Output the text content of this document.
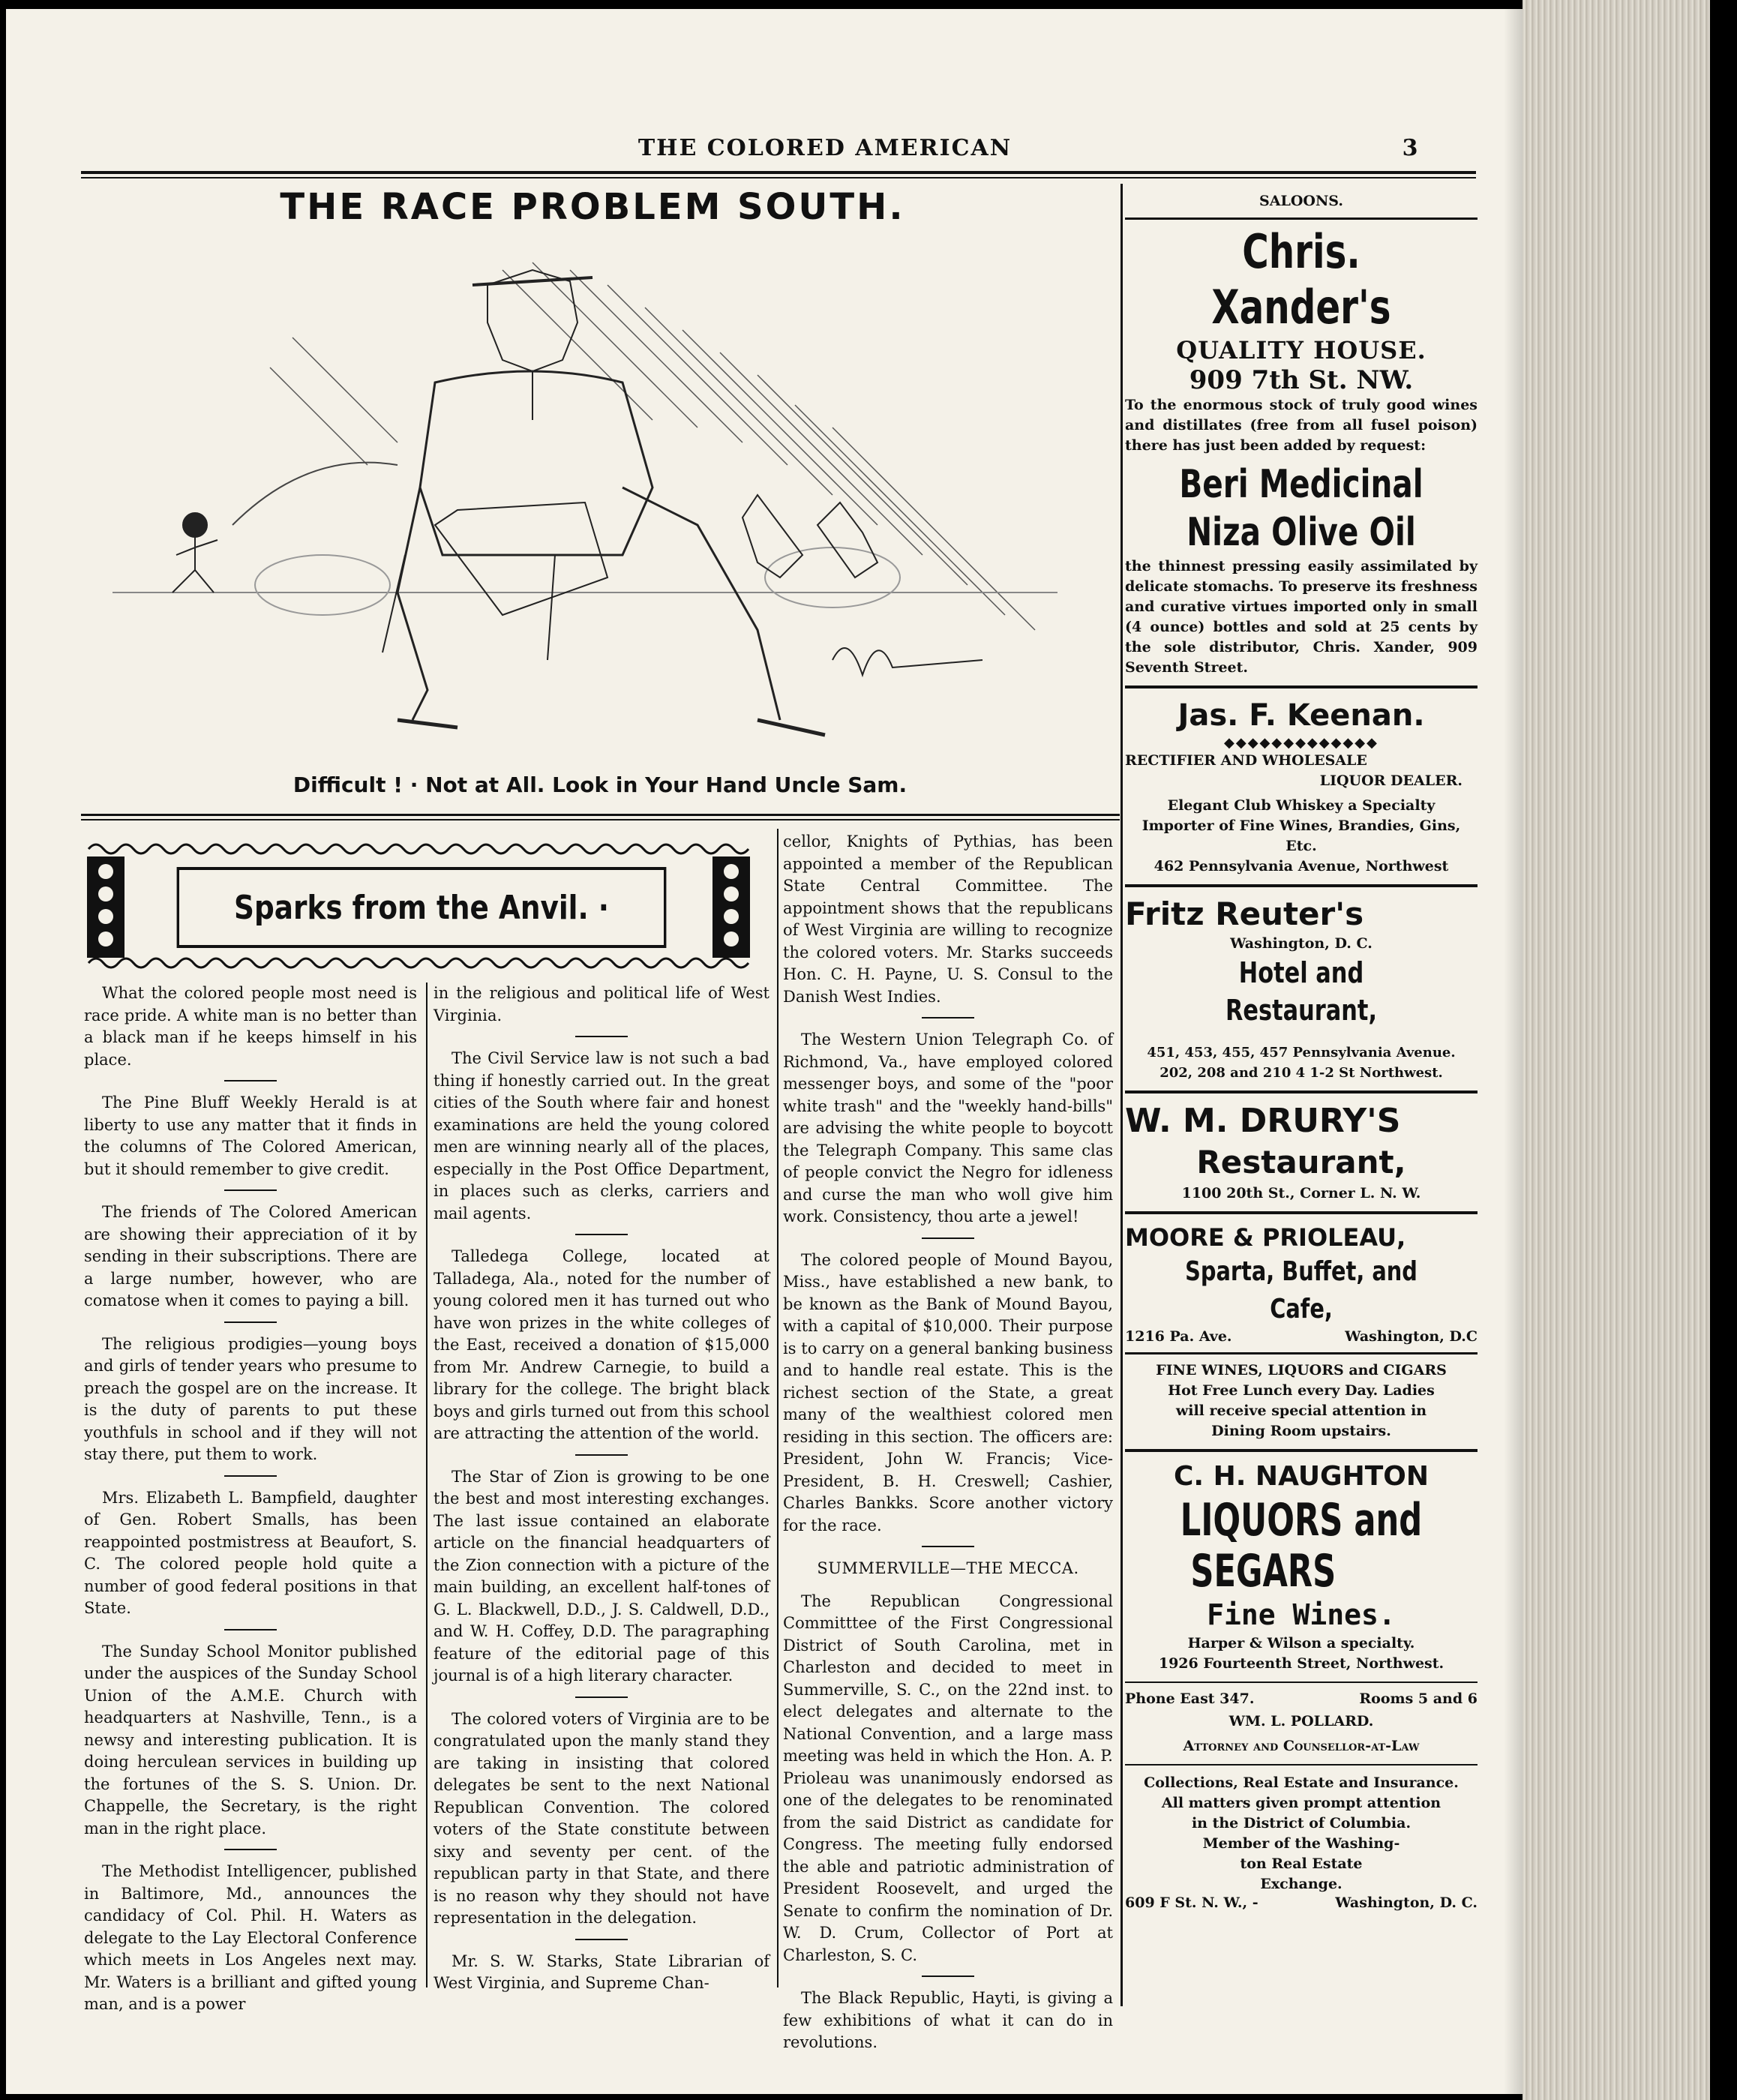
THE COLORED AMERICAN	3
THE RACE PROBLEM SOUTH.
Difficult ! · Not at All. Look in Your Hand Uncle Sam.
Sparks from the Anvil. ·

What the colored people most need is race pride. A white man is no better than a black man if he keeps himself in his place.

The Pine Bluff Weekly Herald is at liberty to use any matter that it finds in the columns of The Colored American, but it should remember to give credit.

The friends of The Colored American are showing their appreciation of it by sending in their subscriptions. There are a large number, however, who are comatose when it comes to paying a bill.

The religious prodigies—young boys and girls of tender years who presume to preach the gospel are on the increase. It is the duty of parents to put these youthfuls in school and if they will not stay there, put them to work.

Mrs. Elizabeth L. Bampfield, daughter of Gen. Robert Smalls, has been reappointed postmistress at Beaufort, S. C. The colored people hold quite a number of good federal positions in that State.

The Sunday School Monitor published under the auspices of the Sunday School Union of the A.M.E. Church with headquarters at Nashville, Tenn., is a newsy and interesting publication. It is doing herculean services in building up the fortunes of the S. S. Union. Dr. Chappelle, the Secretary, is the right man in the right place.

The Methodist Intelligencer, published in Baltimore, Md., announces the candidacy of Col. Phil. H. Waters as delegate to the Lay Electoral Conference which meets in Los Angeles next may. Mr. Waters is a brilliant and gifted young man, and is a power

in the religious and political life of West Virginia.

The Civil Service law is not such a bad thing if honestly carried out. In the great cities of the South where fair and honest examinations are held the young colored men are winning nearly all of the places, especially in the Post Office Department, in places such as clerks, carriers and mail agents.

Talledega College, located at Talladega, Ala., noted for the number of young colored men it has turned out who have won prizes in the white colleges of the East, received a donation of $15,000 from Mr. Andrew Carnegie, to build a library for the college. The bright black boys and girls turned out from this school are attracting the attention of the world.

The Star of Zion is growing to be one the best and most interesting exchanges. The last issue contained an elaborate article on the financial headquarters of the Zion connection with a picture of the main building, an excellent half-tones of G. L. Blackwell, D.D., J. S. Caldwell, D.D., and W. H. Coffey, D.D. The paragraphing feature of the editorial page of this journal is of a high literary character.

The colored voters of Virginia are to be congratulated upon the manly stand they are taking in insisting that colored delegates be sent to the next National Republican Convention. The colored voters of the State constitute between sixy and seventy per cent. of the republican party in that State, and there is no reason why they should not have representation in the delegation.

Mr. S. W. Starks, State Librarian of West Virginia, and Supreme Chan-

cellor, Knights of Pythias, has been appointed a member of the Republican State Central Committee. The appointment shows that the republicans of West Virginia are willing to recognize the colored voters. Mr. Starks succeeds Hon. C. H. Payne, U. S. Consul to the Danish West Indies.

The Western Union Telegraph Co. of Richmond, Va., have employed colored messenger boys, and some of the "poor white trash" and the "weekly hand-bills" are advising the white people to boycott the Telegraph Company. This same clas of people convict the Negro for idleness and curse the man who woll give him work. Consistency, thou arte a jewel!

The colored people of Mound Bayou, Miss., have established a new bank, to be known as the Bank of Mound Bayou, with a capital of $10,000. Their purpose is to carry on a general banking business and to handle real estate. This is the richest section of the State, a great many of the wealthiest colored men residing in this section. The officers are: President, John W. Francis; Vice-President, B. H. Creswell; Cashier, Charles Bankks. Score another victory for the race.

SUMMERVILLE—THE MECCA.

The Republican Congressional Committtee of the First Congressional District of South Carolina, met in Charleston and decided to meet in Summerville, S. C., on the 22nd inst. to elect delegates and alternate to the National Convention, and a large mass meeting was held in which the Hon. A. P. Prioleau was unanimously endorsed as one of the delegates to be renominated from the said District as candidate for Congress. The meeting fully endorsed the able and patriotic administration of President Roosevelt, and urged the Senate to confirm the nomination of Dr. W. D. Crum, Collector of Port at Charleston, S. C.

The Black Republic, Hayti, is giving a few exhibitions of what it can do in revolutions.

SALOONS.
Chris. Xander's
QUALITY HOUSE.
909 7th St. NW.
To the enormous stock of truly good wines and distillates (free from all fusel poison) there has just been added by request:
Beri Medicinal
Niza Olive Oil
the thinnest pressing easily assimilated by delicate stomachs. To preserve its freshness and curative virtues imported only in small (4 ounce) bottles and sold at 25 cents by the sole distributor, Chris. Xander, 909 Seventh Street.
Jas. F. Keenan.
◆◆◆◆◆◆◆◆◆◆◆◆◆
RECTIFIER AND WHOLESALE
LIQUOR DEALER.
Elegant Club Whiskey a Specialty
Importer of Fine Wines, Brandies, Gins, Etc.
462 Pennsylvania Avenue, Northwest
Fritz Reuter's
Washington, D. C.
Hotel and Restaurant,
451, 453, 455, 457 Pennsylvania Avenue.
202, 208 and 210 4 1-2 St Northwest.
W. M. DRURY'S
Restaurant,
1100 20th St., Corner L. N. W.
MOORE & PRIOLEAU,
Sparta, Buffet, and Cafe,
1216 Pa. Ave.	Washington, D.C
FINE WINES, LIQUORS and CIGARS
Hot Free Lunch every Day. Ladies
will receive special attention in
Dining Room upstairs.
C. H. NAUGHTON
LIQUORS and
SEGARS
Fine Wines.
Harper & Wilson a specialty.
1926 Fourteenth Street, Northwest.
Phone East 347.	Rooms 5 and 6
WM. L. POLLARD.
Attorney and Counsellor-at-Law
Collections, Real Estate and Insurance.
All matters given prompt attention
in the District of Columbia.
Member of the Washing-
ton Real Estate
Exchange.
609 F St. N. W., -	Washington, D. C.
